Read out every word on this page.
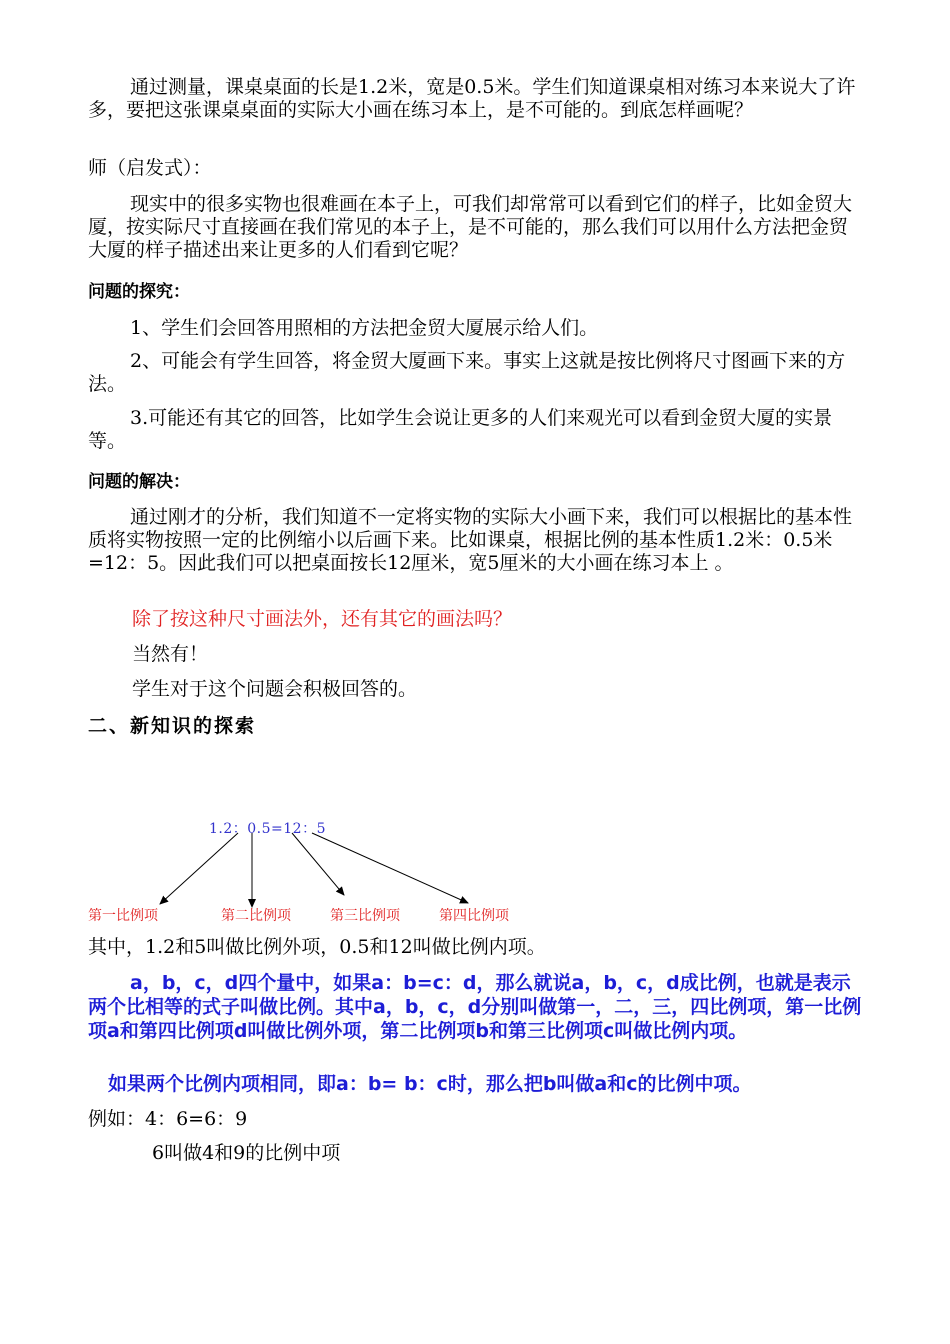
通过测量，课桌桌面的长是1.2米，宽是0.5米。学生们知道课桌相对练习本来说大了许多，要把这张课桌桌面的实际大小画在练习本上，是不可能的。到底怎样画呢？

师（启发式）：

现实中的很多实物也很难画在本子上，可我们却常常可以看到它们的样子，比如金贸大厦，按实际尺寸直接画在我们常见的本子上，是不可能的，那么我们可以用什么方法把金贸大厦的样子描述出来让更多的人们看到它呢？

问题的探究：

1、学生们会回答用照相的方法把金贸大厦展示给人们。

2、可能会有学生回答，将金贸大厦画下来。事实上这就是按比例将尺寸图画下来的方法。

3.可能还有其它的回答，比如学生会说让更多的人们来观光可以看到金贸大厦的实景等。

问题的解决：

通过刚才的分析，我们知道不一定将实物的实际大小画下来，我们可以根据比的基本性质将实物按照一定的比例缩小以后画下来。比如课桌，根据比例的基本性质1.2米：0.5米=12：5。因此我们可以把桌面按长12厘米，宽5厘米的大小画在练习本上 。

除了按这种尺寸画法外，还有其它的画法吗？

当然有！

学生对于这个问题会积极回答的。

二、新知识的探索

1.2：0.5=12：5
第一比例项	第二比例项	第三比例项	第四比例项

其中，1.2和5叫做比例外项，0.5和12叫做比例内项。

a，b，c，d四个量中，如果a：b=c：d，那么就说a，b，c，d成比例，也就是表示两个比相等的式子叫做比例。其中a，b，c，d分别叫做第一，二，三，四比例项，第一比例项a和第四比例项d叫做比例外项，第二比例项b和第三比例项c叫做比例内项。

如果两个比例内项相同，即a：b= b：c时，那么把b叫做a和c的比例中项。

例如：4：6=6：9

6叫做4和9的比例中项
